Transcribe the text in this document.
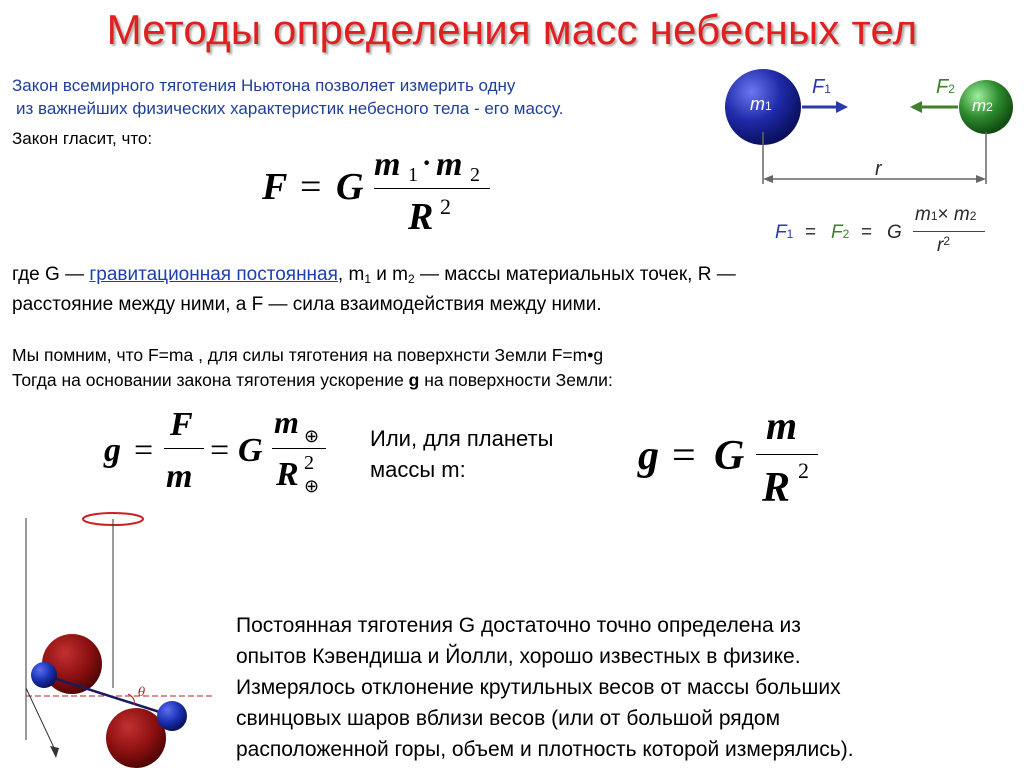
Методы определения масс небесных тел
Закон всемирного тяготения Ньютона позволяет измерить одну
из важнейших физических характеристик небесного тела - его массу.
Закон гласит, что:
F = G
m 1 · m 2
R 2
m1	m2
F1	F2
r
F1 = F2 = G
m1× m2
$r^2$
где G — гравитационная постоянная, $m_1$ и $m_2$ — массы материальных точек, R —
расстояние между ними, а F — сила взаимодействия между ними.
Мы помним, что F=ma , для силы тяготения на поверхнсти Земли F=m•g
Тогда на основании закона тяготения ускорение g на поверхности Земли:
g =
F
m
= G
m ⊕
R 2
⊕
Или, для планеты
массы m:	g = G
m
R 2
θ
Постоянная тяготения G достаточно точно определена из
опытов Кэвендиша и Йолли, хорошо известных в физике.
Измерялось отклонение крутильных весов от массы больших
свинцовых шаров вблизи весов (или от большой рядом
расположенной горы, объем и плотность которой измерялись).
